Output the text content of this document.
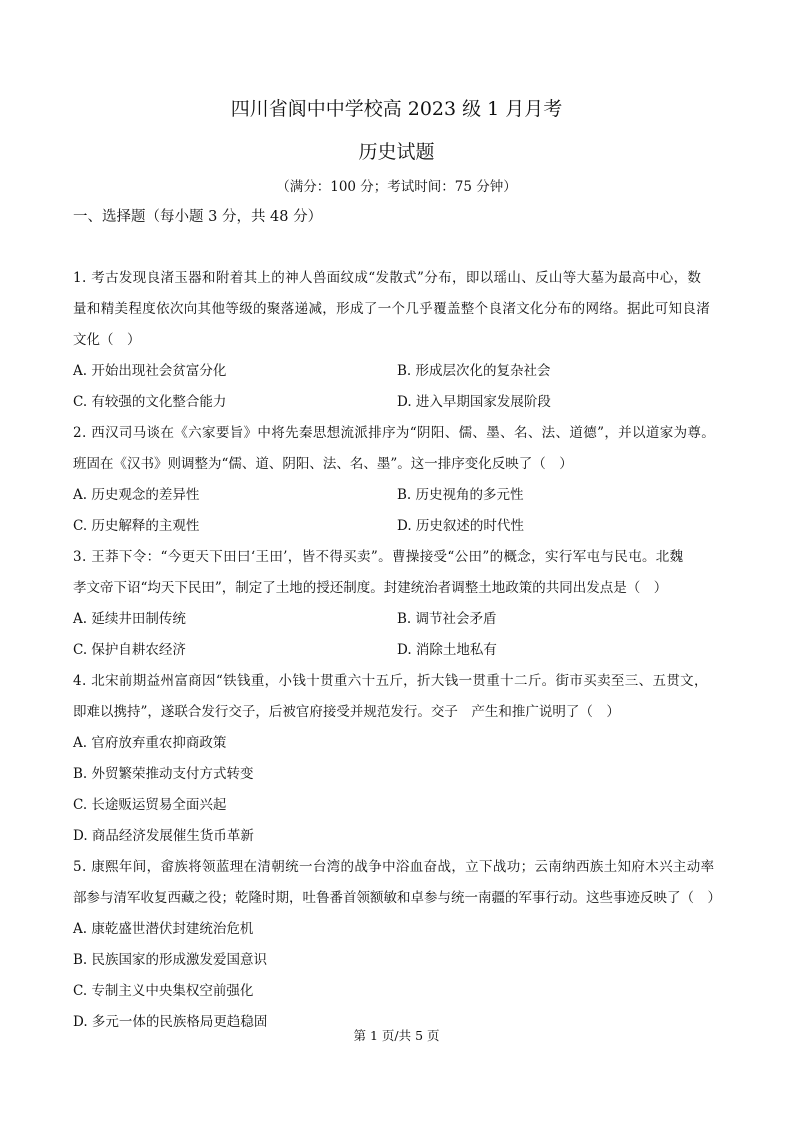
四川省阆中中学校高 2023 级 1 月月考
历史试题
（满分：100 分；考试时间：75 分钟）
一、选择题（每小题 3 分，共 48 分）
1. 考古发现良渚玉器和附着其上的神人兽面纹成“发散式”分布，即以瑶山、反山等大墓为最高中心，数
量和精美程度依次向其他等级的聚落递减，形成了一个几乎覆盖整个良渚文化分布的网络。据此可知良渚
文化（　）
A. 开始出现社会贫富分化	B. 形成层次化的复杂社会
C. 有较强的文化整合能力	D. 进入早期国家发展阶段
2. 西汉司马谈在《六家要旨》中将先秦思想流派排序为“阴阳、儒、墨、名、法、道德”，并以道家为尊。
班固在《汉书》则调整为“儒、道、阴阳、法、名、墨”。这一排序变化反映了（　）
A. 历史观念的差异性	B. 历史视角的多元性
C. 历史解释的主观性	D. 历史叙述的时代性
3. 王莽下令：“今更天下田曰‘王田’，皆不得买卖”。曹操接受“公田”的概念，实行军屯与民屯。北魏
孝文帝下诏“均天下民田”，制定了土地的授还制度。封建统治者调整土地政策的共同出发点是（　）
A. 延续井田制传统	B. 调节社会矛盾
C. 保护自耕农经济	D. 消除土地私有
4. 北宋前期益州富商因“铁钱重，小钱十贯重六十五斤，折大钱一贯重十二斤。街市买卖至三、五贯文，
即难以携持”，遂联合发行交子，后被官府接受并规范发行。交子　产生和推广说明了（　）
A. 官府放弃重农抑商政策
B. 外贸繁荣推动支付方式转变
C. 长途贩运贸易全面兴起
D. 商品经济发展催生货币革新
5. 康熙年间，畲族将领蓝理在清朝统一台湾的战争中浴血奋战，立下战功；云南纳西族土知府木兴主动率
部参与清军收复西藏之役；乾隆时期，吐鲁番首领额敏和卓参与统一南疆的军事行动。这些事迹反映了（　）
A. 康乾盛世潜伏封建统治危机
B. 民族国家的形成激发爱国意识
C. 专制主义中央集权空前强化
D. 多元一体的民族格局更趋稳固
第 1 页/共 5 页
